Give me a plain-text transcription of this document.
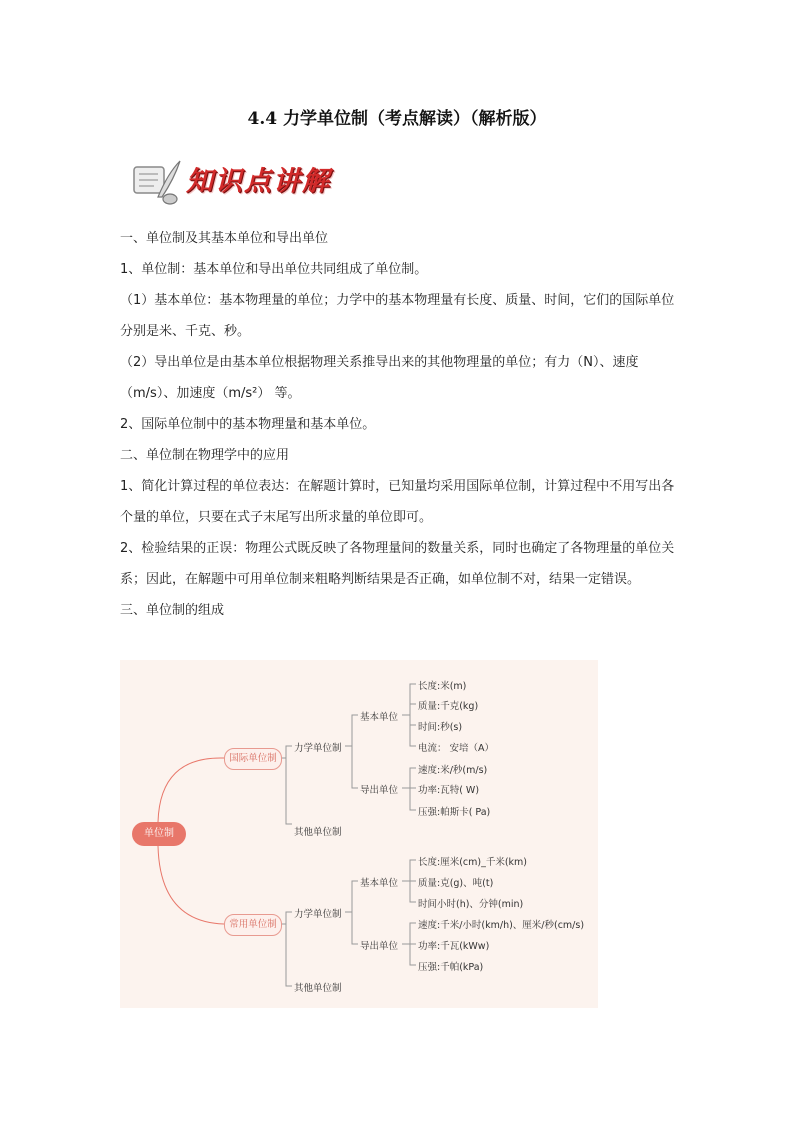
4.4 力学单位制（考点解读）（解析版）
知识点讲解

一、单位制及其基本单位和导出单位

1、单位制：基本单位和导出单位共同组成了单位制。

（1）基本单位：基本物理量的单位；力学中的基本物理量有长度、质量、时间，它们的国际单位分别是米、千克、秒。

（2）导出单位是由基本单位根据物理关系推导出来的其他物理量的单位；有力（N）、速度（m/s）、加速度（m/s²） 等。

2、国际单位制中的基本物理量和基本单位。

二、单位制在物理学中的应用

1、简化计算过程的单位表达：在解题计算时，已知量均采用国际单位制，计算过程中不用写出各个量的单位，只要在式子末尾写出所求量的单位即可。

2、检验结果的正误：物理公式既反映了各物理量间的数量关系，同时也确定了各物理量的单位关系；因此，在解题中可用单位制来粗略判断结果是否正确，如单位制不对，结果一定错误。

三、单位制的组成

单位制
国际单位制
力学单位制
基本单位
长度:米(m)
质量:千克(kg)
时间:秒(s)
电流： 安培（A）
导出单位
速度:米/秒(m/s)
功率:瓦特( W)
压强:帕斯卡( Pa)
其他单位制
常用单位制
力学单位制
基本单位
长度:厘米(cm)_千米(km)
质量:克(g)、吨(t)
时间小时(h)、分钟(min)
导出单位
速度:千米/小时(km/h)、厘米/秒(cm/s)
功率:千瓦(kWw)
压强:千帕(kPa)
其他单位制
